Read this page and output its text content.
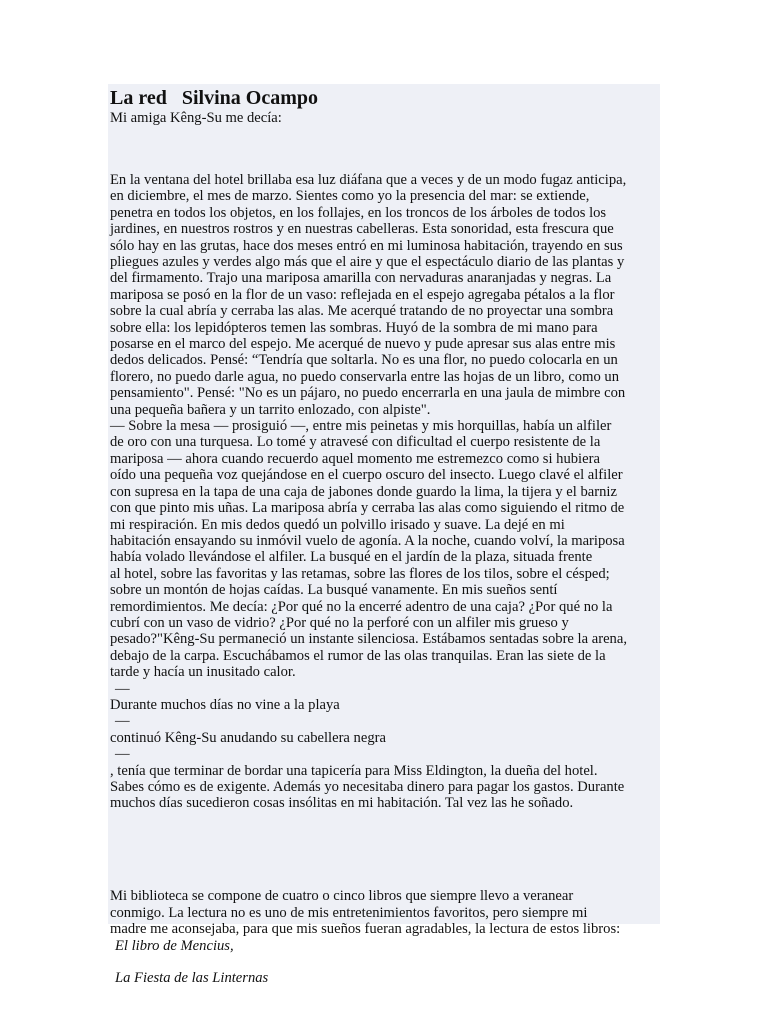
La red   Silvina Ocampo

Mi amiga Kêng-Su me decía:

En la ventana del hotel brillaba esa luz diáfana que a veces y de un modo fugaz anticipa,

en diciembre, el mes de marzo. Sientes como yo la presencia del mar: se extiende,

penetra en todos los objetos, en los follajes, en los troncos de los árboles de todos los

jardines, en nuestros rostros y en nuestras cabelleras. Esta sonoridad, esta frescura que

sólo hay en las grutas, hace dos meses entró en mi luminosa habitación, trayendo en sus

pliegues azules y verdes algo más que el aire y que el espectáculo diario de las plantas y

del firmamento. Trajo una mariposa amarilla con nervaduras anaranjadas y negras. La

mariposa se posó en la flor de un vaso: reflejada en el espejo agregaba pétalos a la flor

sobre la cual abría y cerraba las alas. Me acerqué tratando de no proyectar una sombra

sobre ella: los lepidópteros temen las sombras. Huyó de la sombra de mi mano para

posarse en el marco del espejo. Me acerqué de nuevo y pude apresar sus alas entre mis

dedos delicados. Pensé: “Tendría que soltarla. No es una flor, no puedo colocarla en un

florero, no puedo darle agua, no puedo conservarla entre las hojas de un libro, como un

pensamiento". Pensé: "No es un pájaro, no puedo encerrarla en una jaula de mimbre con

una pequeña bañera y un tarrito enlozado, con alpiste".

— Sobre la mesa — prosiguió —, entre mis peinetas y mis horquillas, había un alfiler

de oro con una turquesa. Lo tomé y atravesé con dificultad el cuerpo resistente de la

mariposa — ahora cuando recuerdo aquel momento me estremezco como si hubiera

oído una pequeña voz quejándose en el cuerpo oscuro del insecto. Luego clavé el alfiler

con supresa en la tapa de una caja de jabones donde guardo la lima, la tijera y el barniz

con que pinto mis uñas. La mariposa abría y cerraba las alas como siguiendo el ritmo de

mi respiración. En mis dedos quedó un polvillo irisado y suave. La dejé en mi

habitación ensayando su inmóvil vuelo de agonía. A la noche, cuando volví, la mariposa

había volado llevándose el alfiler. La busqué en el jardín de la plaza, situada frente

al hotel, sobre las favoritas y las retamas, sobre las flores de los tilos, sobre el césped;

sobre un montón de hojas caídas. La busqué vanamente. En mis sueños sentí

remordimientos. Me decía: ¿Por qué no la encerré adentro de una caja? ¿Por qué no la

cubrí con un vaso de vidrio? ¿Por qué no la perforé con un alfiler mis grueso y

pesado?"Kêng-Su permaneció un instante silenciosa. Estábamos sentadas sobre la arena,

debajo de la carpa. Escuchábamos el rumor de las olas tranquilas. Eran las siete de la

tarde y hacía un inusitado calor.

—

Durante muchos días no vine a la playa

—

continuó Kêng-Su anudando su cabellera negra

—

, tenía que terminar de bordar una tapicería para Miss Eldington, la dueña del hotel.

Sabes cómo es de exigente. Además yo necesitaba dinero para pagar los gastos. Durante

muchos días sucedieron cosas insólitas en mi habitación. Tal vez las he soñado.

Mi biblioteca se compone de cuatro o cinco libros que siempre llevo a veranear

conmigo. La lectura no es uno de mis entretenimientos favoritos, pero siempre mi

madre me aconsejaba, para que mis sueños fueran agradables, la lectura de estos libros:

El libro de Mencius,

La Fiesta de las Linternas
